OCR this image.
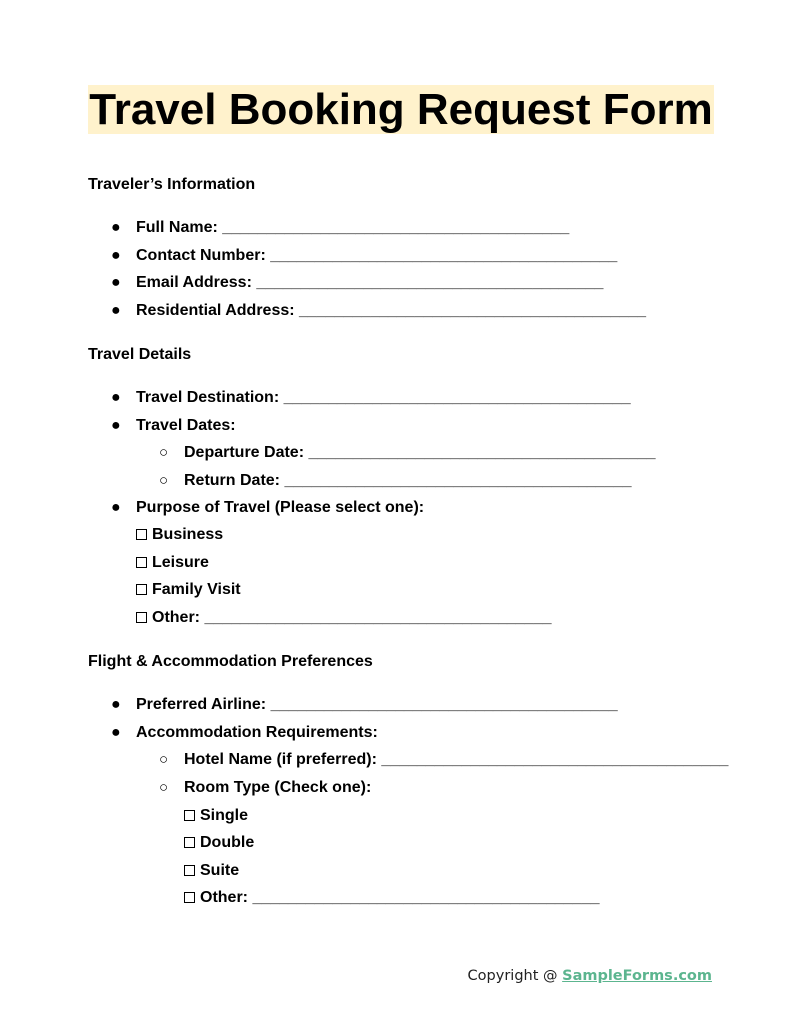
Travel Booking Request Form
Traveler’s Information
● Full Name: _______________________________________
● Contact Number: _______________________________________
● Email Address: _______________________________________
● Residential Address: _______________________________________
Travel Details
● Travel Destination: _______________________________________
● Travel Dates:
○ Departure Date: _______________________________________
○ Return Date: _______________________________________
● Purpose of Travel (Please select one):
Business
Leisure
Family Visit
Other: _______________________________________
Flight & Accommodation Preferences
● Preferred Airline: _______________________________________
● Accommodation Requirements:
○ Hotel Name (if preferred): _______________________________________
○ Room Type (Check one):
Single
Double
Suite
Other: _______________________________________
Copyright @ SampleForms.com
